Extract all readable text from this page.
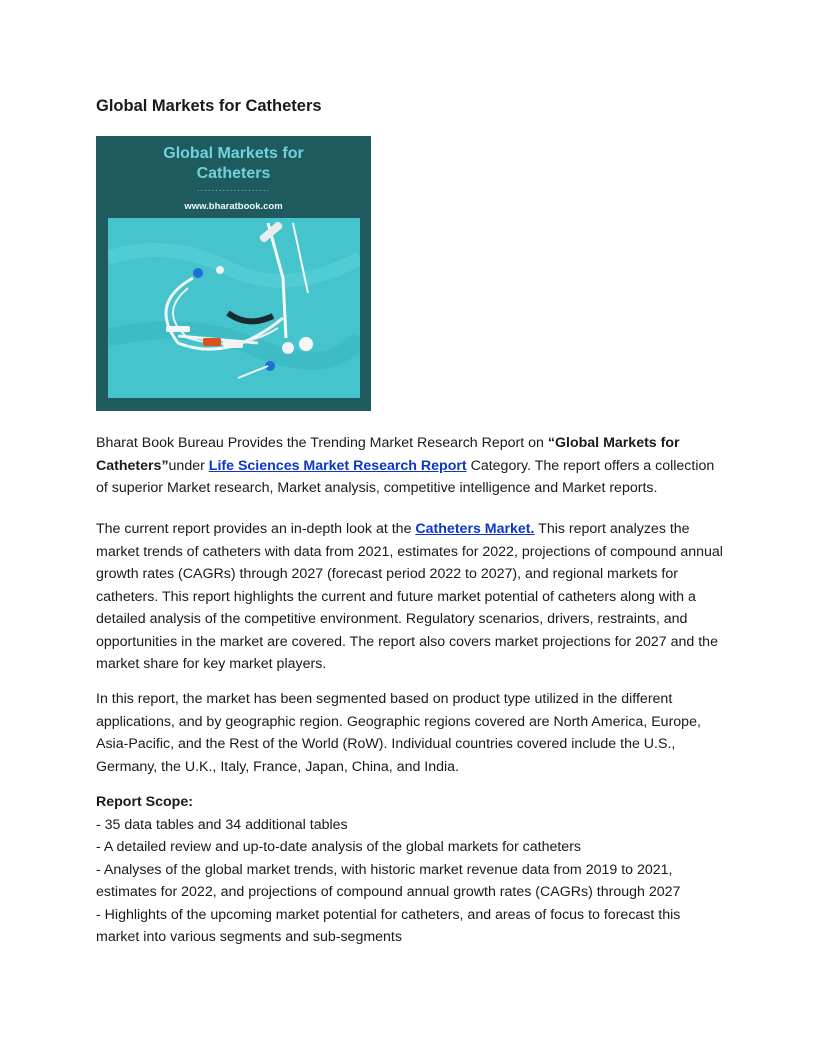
Global Markets for Catheters
Global Markets for
Catheters
····················
www.bharatbook.com

Bharat Book Bureau Provides the Trending Market Research Report on “Global Markets for Catheters”under Life Sciences Market Research Report Category. The report offers a collection of superior Market research, Market analysis, competitive intelligence and Market reports.

The current report provides an in-depth look at the Catheters Market. This report analyzes the market trends of catheters with data from 2021, estimates for 2022, projections of compound annual growth rates (CAGRs) through 2027 (forecast period 2022 to 2027), and regional markets for catheters. This report highlights the current and future market potential of catheters along with a detailed analysis of the competitive environment. Regulatory scenarios, drivers, restraints, and opportunities in the market are covered. The report also covers market projections for 2027 and the market share for key market players.

In this report, the market has been segmented based on product type utilized in the different applications, and by geographic region. Geographic regions covered are North America, Europe, Asia-Pacific, and the Rest of the World (RoW). Individual countries covered include the U.S., Germany, the U.K., Italy, France, Japan, China, and India.

Report Scope:
- 35 data tables and 34 additional tables
- A detailed review and up-to-date analysis of the global markets for catheters
- Analyses of the global market trends, with historic market revenue data from 2019 to 2021, estimates for 2022, and projections of compound annual growth rates (CAGRs) through 2027
- Highlights of the upcoming market potential for catheters, and areas of focus to forecast this market into various segments and sub-segments
